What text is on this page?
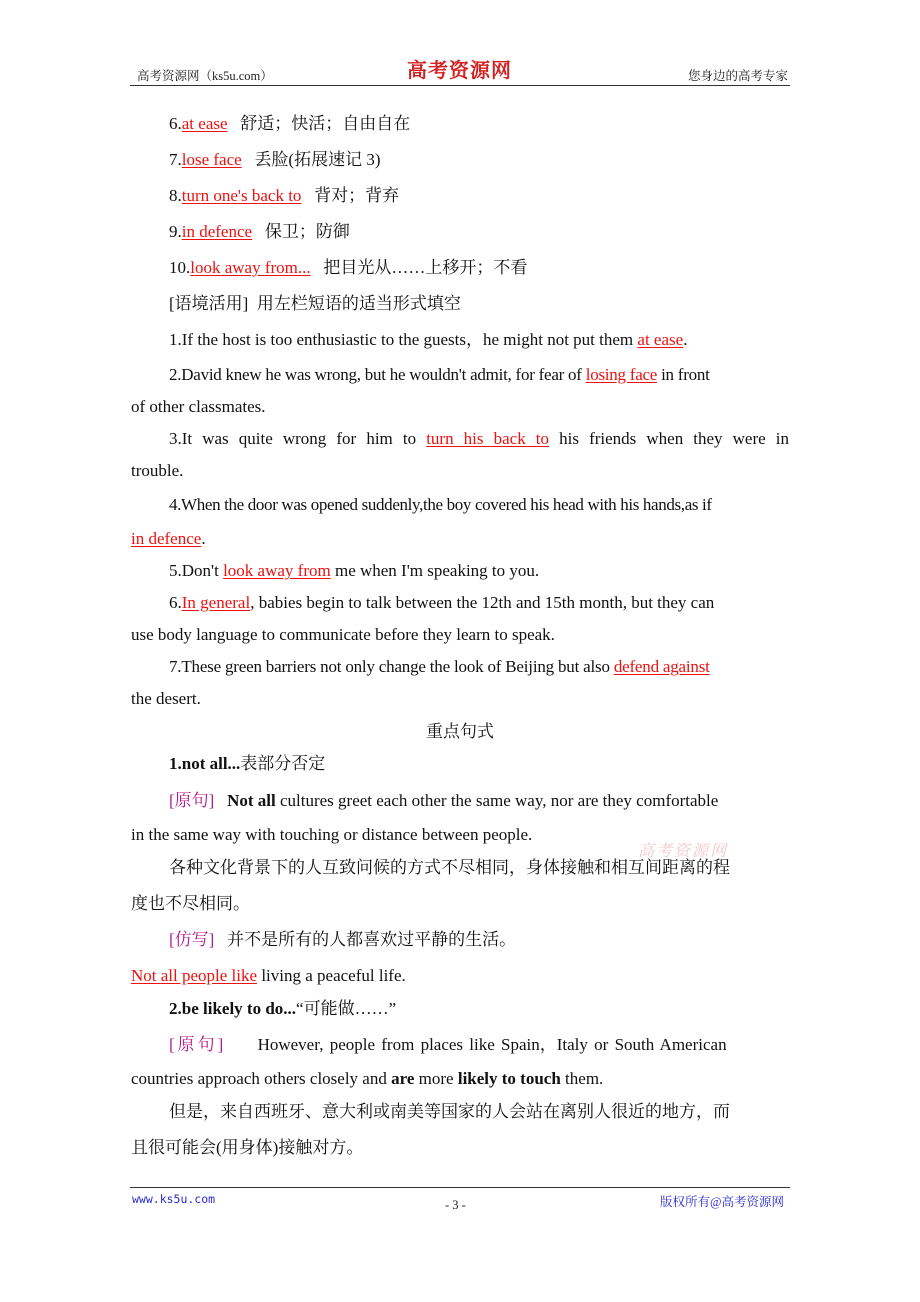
高考资源网（ks5u.com）	高考资源网	您身边的高考专家
6.at ease 舒适；快活；自由自在
7.lose face 丢脸(拓展速记 3)
8.turn one's back to 背对；背弃
9.in defence 保卫；防御
10.look away from... 把目光从……上移开；不看
[语境活用] 用左栏短语的适当形式填空
1.If the host is too enthusiastic to the guests，he might not put them at ease.
2.David knew he was wrong, but he wouldn't admit, for fear of losing face in front
of other classmates.
3.It was quite wrong for him to turn his back to his friends when they were in
trouble.
4.When the door was opened suddenly,the boy covered his head with his hands,as if
in defence.
5.Don't look away from me when I'm speaking to you.
6.In general, babies begin to talk between the 12th and 15th month, but they can
use body language to communicate before they learn to speak.
7.These green barriers not only change the look of Beijing but also defend against
the desert.
重点句式
1.not all...表部分否定
[原句] Not all cultures greet each other the same way, nor are they comfortable
in the same way with touching or distance between people.
各种文化背景下的人互致问候的方式不尽相同，身体接触和相互间距离的程
度也不尽相同。
[仿写] 并不是所有的人都喜欢过平静的生活。
Not all people like living a peaceful life.
2.be likely to do...“可能做……”
[原句] However, people from places like Spain，Italy or South American
countries approach others closely and are more likely to touch them.
但是，来自西班牙、意大利或南美等国家的人会站在离别人很近的地方，而
且很可能会(用身体)接触对方。
高考资源网
www.ks5u.com	- 3 -	版权所有@高考资源网
